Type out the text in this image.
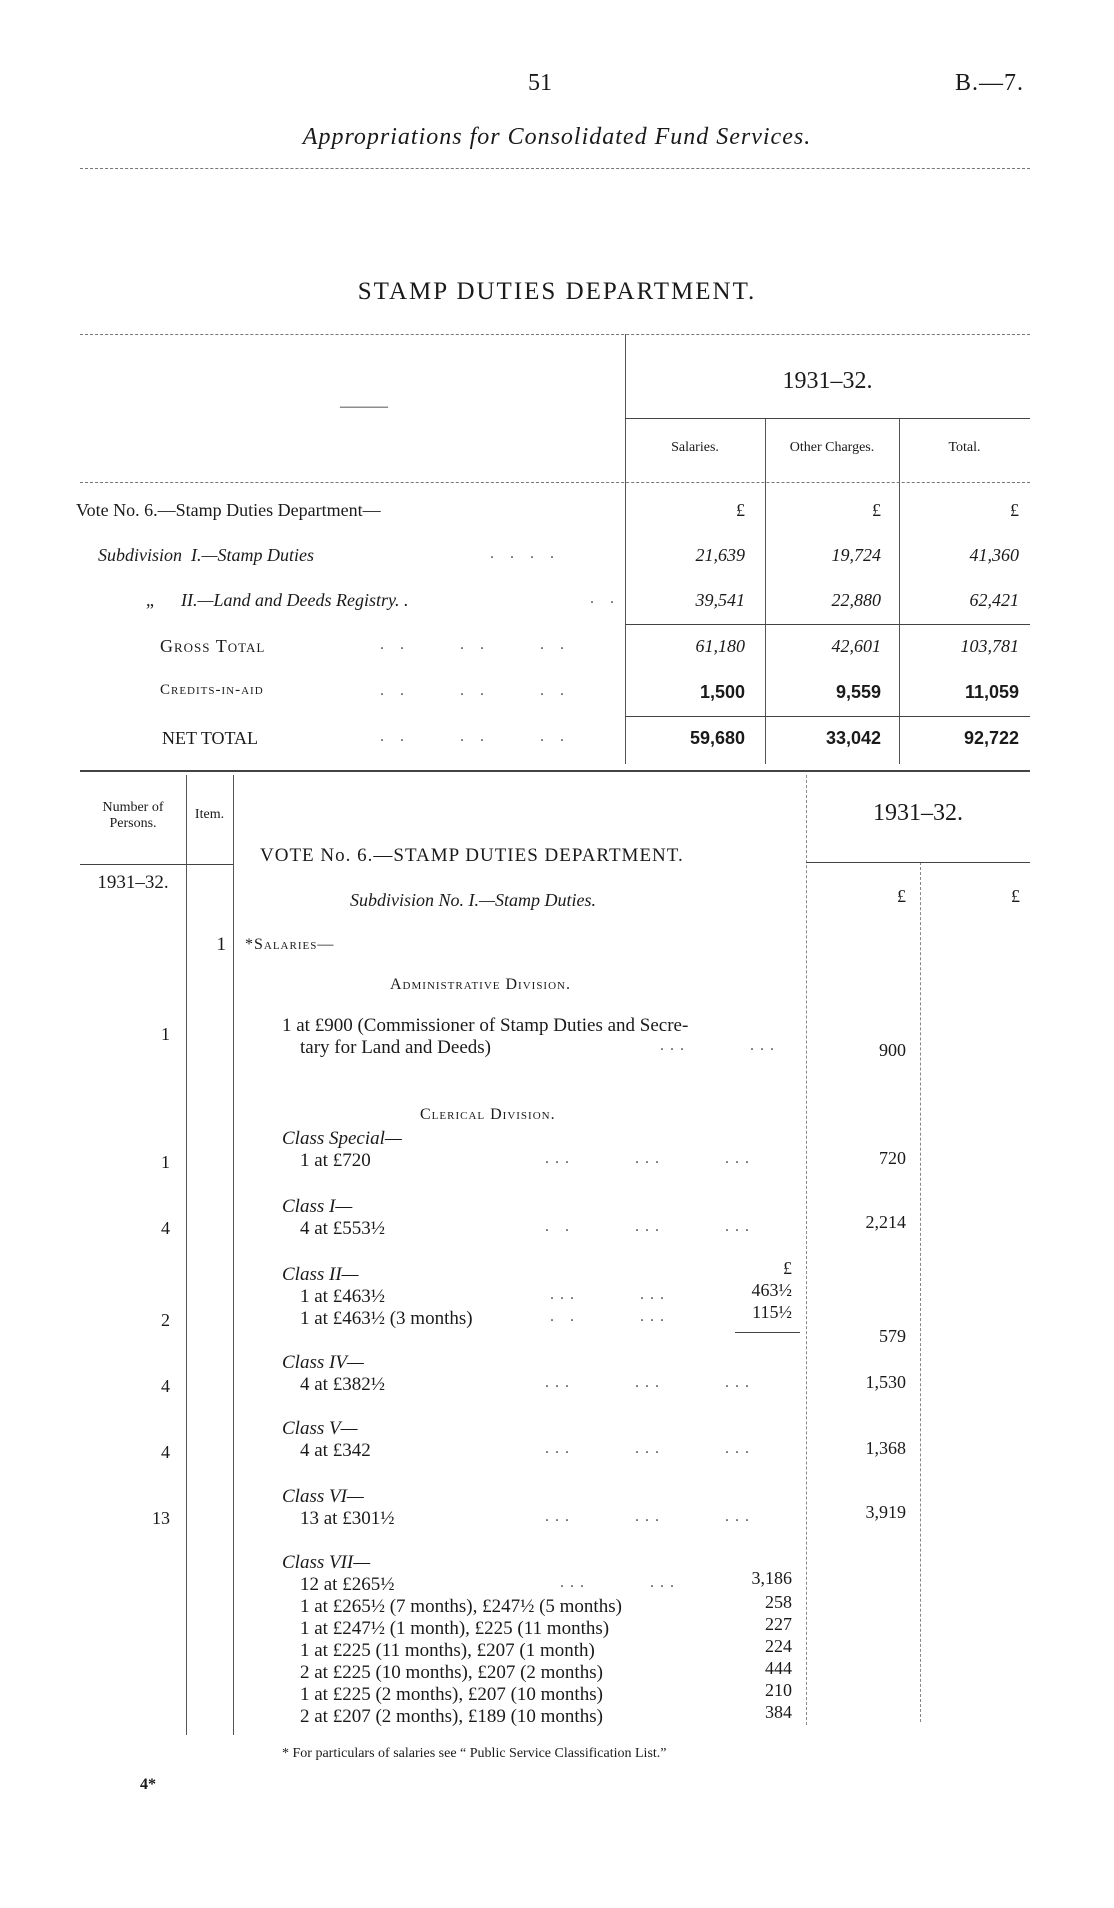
51	B.—7.
Appropriations for Consolidated Fund Services.
STAMP DUTIES DEPARTMENT.
———
1931–32.
Salaries.	Other Charges.	Total.
Vote No. 6.—Stamp Duties Department—	£	£	£
Subdivision I.—Stamp Duties	. . . .	21,639	19,724	41,360
„ II.—Land and Deeds Registry. .	. .	39,541	22,880	62,421
Gross Total	. .     . .     . .	61,180	42,601	103,781
Credits-in-aid	. .     . .     . .	1,500	9,559	11,059
NET TOTAL	. .     . .     . .	59,680	33,042	92,722
Number of Persons.
Item.
1931–32.
VOTE No. 6.—STAMP DUTIES DEPARTMENT.
Subdivision No. I.—Stamp Duties.
1931–32.
£	£
1 *Salaries—
Administrative Division.
1	1 at £900 (Commissioner of Stamp Duties and Secre-
tary for Land and Deeds)	...      ...	900
Clerical Division.
Class Special—
1	1 at £720	...      ...      ...	720
Class I—
4	4 at £553½	. .      ...      ...	2,214
Class II—	£
1 at £463½	...      ...	463½
2	1 at £463½ (3 months)	. .      ...	115½
579
Class IV—
4	4 at £382½	...      ...      ...	1,530
Class V—
4	4 at £342	...      ...      ...	1,368
Class VI—
13	13 at £301½	...      ...      ...	3,919
Class VII—
12 at £265½	...      ...	3,186
1 at £265½ (7 months), £247½ (5 months)	258
1 at £247½ (1 month), £225 (11 months)	227
1 at £225 (11 months), £207 (1 month)	224
2 at £225 (10 months), £207 (2 months)	444
1 at £225 (2 months), £207 (10 months)	210
2 at £207 (2 months), £189 (10 months)	384
* For particulars of salaries see “ Public Service Classification List.”
4*
